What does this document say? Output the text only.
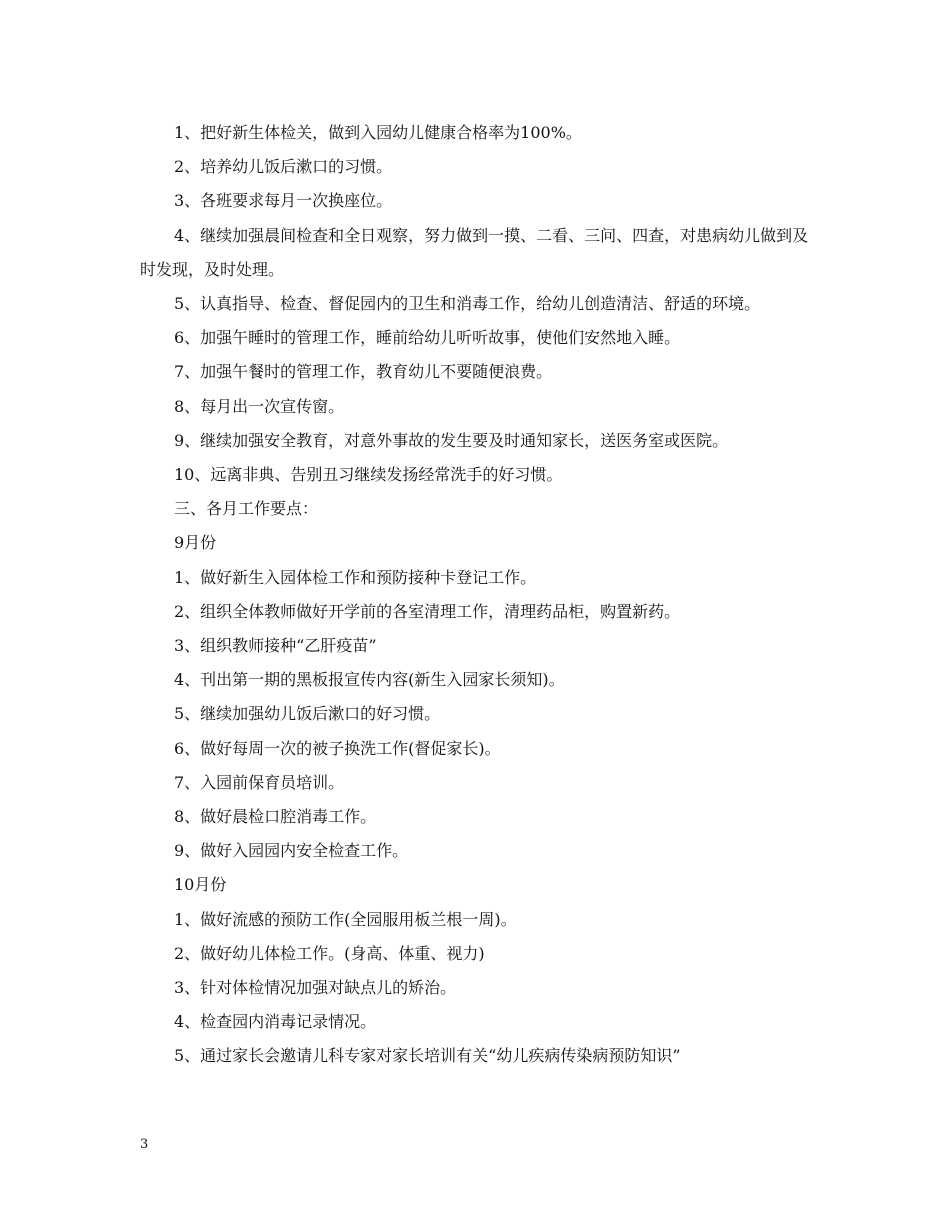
1、把好新生体检关，做到入园幼儿健康合格率为100%。

2、培养幼儿饭后漱口的习惯。

3、各班要求每月一次换座位。

4、继续加强晨间检查和全日观察，努力做到一摸、二看、三问、四查，对患病幼儿做到及时发现，及时处理。

5、认真指导、检查、督促园内的卫生和消毒工作，给幼儿创造清洁、舒适的环境。

6、加强午睡时的管理工作，睡前给幼儿听听故事，使他们安然地入睡。

7、加强午餐时的管理工作，教育幼儿不要随便浪费。

8、每月出一次宣传窗。

9、继续加强安全教育，对意外事故的发生要及时通知家长，送医务室或医院。

10、远离非典、告别丑习继续发扬经常洗手的好习惯。

三、各月工作要点：

9月份

1、做好新生入园体检工作和预防接种卡登记工作。

2、组织全体教师做好开学前的各室清理工作，清理药品柜，购置新药。

3、组织教师接种“乙肝疫苗”

4、刊出第一期的黑板报宣传内容(新生入园家长须知)。

5、继续加强幼儿饭后漱口的好习惯。

6、做好每周一次的被子换洗工作(督促家长)。

7、入园前保育员培训。

8、做好晨检口腔消毒工作。

9、做好入园园内安全检查工作。

10月份

1、做好流感的预防工作(全园服用板兰根一周)。

2、做好幼儿体检工作。(身高、体重、视力)

3、针对体检情况加强对缺点儿的矫治。

4、检查园内消毒记录情况。

5、通过家长会邀请儿科专家对家长培训有关“幼儿疾病传染病预防知识”

3
